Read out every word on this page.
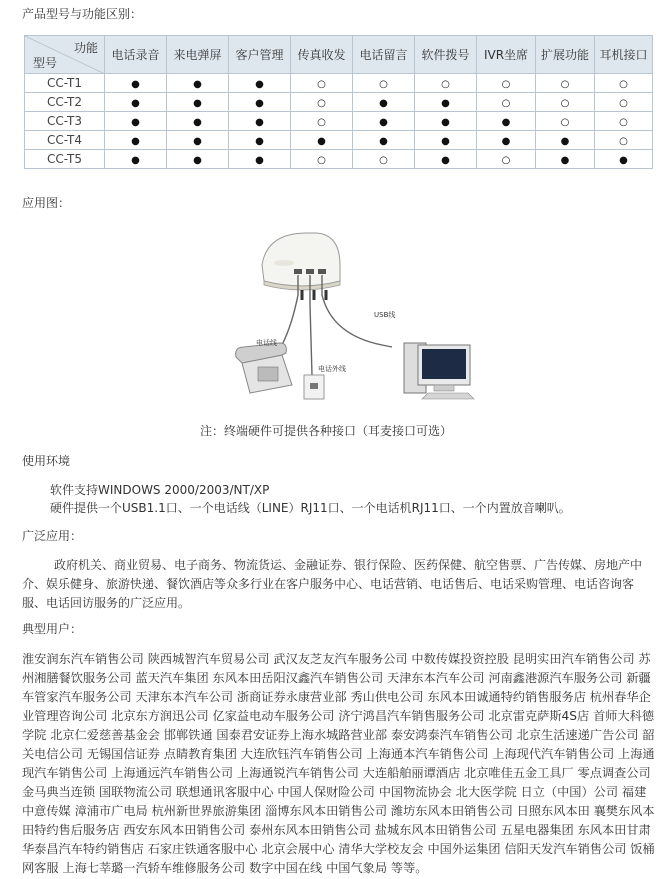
产品型号与功能区别：
功能
型号	电话录音	来电弹屏	客户管理	传真收发	电话留言	软件拨号	IVR坐席	扩展功能	耳机接口
CC-T1	●	●	●	○	○	○	○	○	○
CC-T2	●	●	●	○	●	●	○	○	○
CC-T3	●	●	●	○	●	●	●	○	○
CC-T4	●	●	●	●	●	●	●	●	○
CC-T5	●	●	●	○	○	●	○	●	●
应用图：
USB线
电话线
电话外线
注：终端硬件可提供各种接口（耳麦接口可选）
使用环境
软件支持WINDOWS 2000/2003/NT/XP
硬件提供一个USB1.1口、一个电话线（LINE）RJ11口、一个电话机RJ11口、一个内置放音喇叭。
广泛应用：
政府机关、商业贸易、电子商务、物流货运、金融证券、银行保险、医药保健、航空售票、广告传媒、房地产中介、娱乐健身、旅游快递、餐饮酒店等众多行业在客户服务中心、电话营销、电话售后、电话采购管理、电话咨询客服、电话回访服务的广泛应用。
典型用户：
淮安润东汽车销售公司 陕西城智汽车贸易公司 武汉友芝友汽车服务公司 中数传媒投资控股 昆明实田汽车销售公司 苏州湘膳餐饮服务公司 蓝天汽车集团 东风本田岳阳汉鑫汽车销售公司 天津东本汽车公司 河南鑫港源汽车服务公司 新疆车管家汽车服务公司 天津东本汽车公司 浙商证券永康营业部 秀山供电公司 东风本田诚通特约销售服务店 杭州春华企业管理咨询公司 北京东方润迅公司 亿家益电动车服务公司 济宁鸿昌汽车销售服务公司 北京雷克萨斯4S店 首师大科德学院 北京仁爱慈善基金会 邯郸铁通 国泰君安证券上海水城路营业部 泰安鸿泰汽车销售公司 北京生活速递广告公司 韶关电信公司 无锡国信证券 点睛教育集团 大连欣钰汽车销售公司 上海通本汽车销售公司 上海现代汽车销售公司 上海通现汽车销售公司 上海通远汽车销售公司 上海通锐汽车销售公司 大连船舶丽谭酒店 北京唯佳五金工具厂 零点调查公司 金马典当连锁 国联物流公司 联想通讯客服中心 中国人保财险公司 中国物流协会 北大医学院 日立（中国）公司 福建中意传媒 漳浦市广电局 杭州新世界旅游集团 淄博东风本田销售公司 潍坊东风本田销售公司 日照东风本田 襄樊东风本田特约售后服务店 西安东风本田销售公司 泰州东风本田销售公司 盐城东风本田销售公司 五星电器集团 东风本田甘肃华泰昌汽车特约销售店 石家庄铁通客服中心 北京会展中心 清华大学校友会 中国外运集团 信阳天发汽车销售公司 饭桶网客服 上海七莘璐一汽轿车维修服务公司 数字中国在线 中国气象局 等等。
